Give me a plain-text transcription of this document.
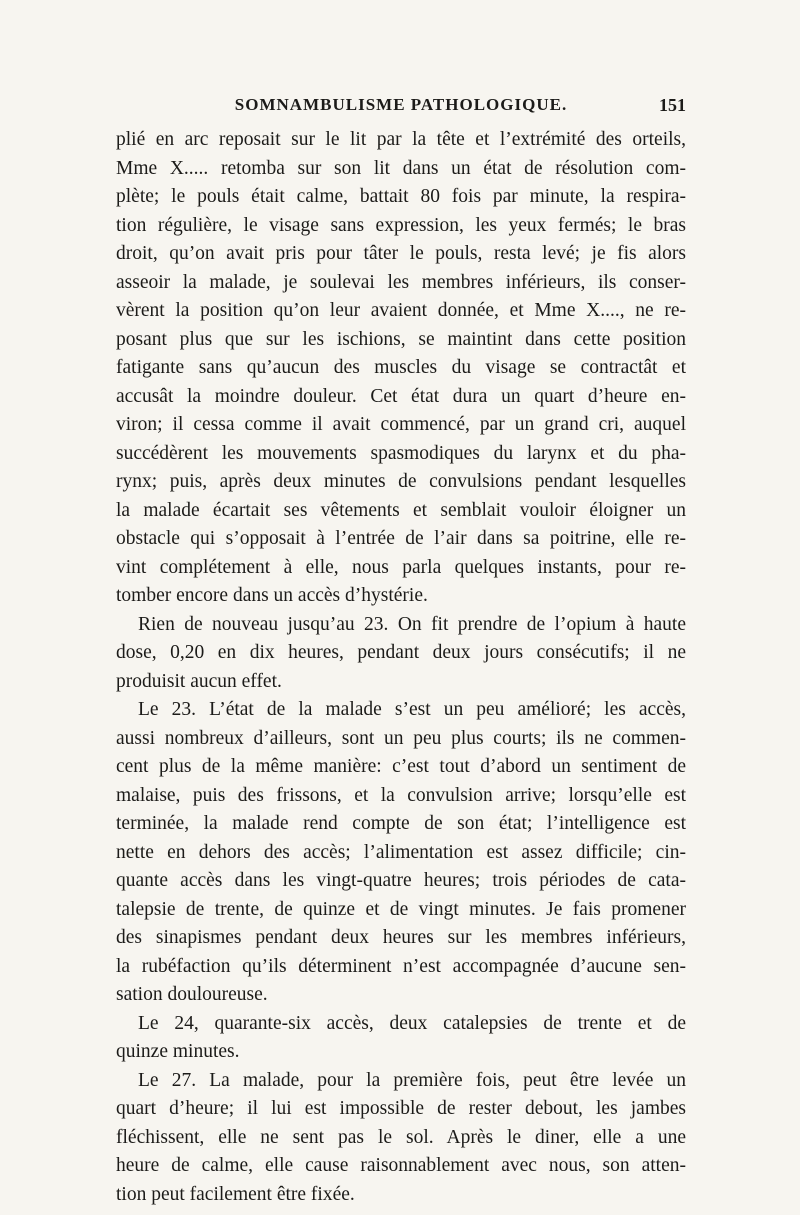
SOMNAMBULISME PATHOLOGIQUE.	151
plié en arc reposait sur le lit par la tête et l’extrémité des orteils,
Mme X..... retomba sur son lit dans un état de résolution com-
plète; le pouls était calme, battait 80 fois par minute, la respira-
tion régulière, le visage sans expression, les yeux fermés; le bras
droit, qu’on avait pris pour tâter le pouls, resta levé; je fis alors
asseoir la malade, je soulevai les membres inférieurs, ils conser-
vèrent la position qu’on leur avaient donnée, et Mme X...., ne re-
posant plus que sur les ischions, se maintint dans cette position
fatigante sans qu’aucun des muscles du visage se contractât et
accusât la moindre douleur. Cet état dura un quart d’heure en-
viron; il cessa comme il avait commencé, par un grand cri, auquel
succédèrent les mouvements spasmodiques du larynx et du pha-
rynx; puis, après deux minutes de convulsions pendant lesquelles
la malade écartait ses vêtements et semblait vouloir éloigner un
obstacle qui s’opposait à l’entrée de l’air dans sa poitrine, elle re-
vint complétement à elle, nous parla quelques instants, pour re-
tomber encore dans un accès d’hystérie.
Rien de nouveau jusqu’au 23. On fit prendre de l’opium à haute
dose, 0,20 en dix heures, pendant deux jours consécutifs; il ne
produisit aucun effet.
Le 23. L’état de la malade s’est un peu amélioré; les accès,
aussi nombreux d’ailleurs, sont un peu plus courts; ils ne commen-
cent plus de la même manière: c’est tout d’abord un sentiment de
malaise, puis des frissons, et la convulsion arrive; lorsqu’elle est
terminée, la malade rend compte de son état; l’intelligence est
nette en dehors des accès; l’alimentation est assez difficile; cin-
quante accès dans les vingt-quatre heures; trois périodes de cata-
talepsie de trente, de quinze et de vingt minutes. Je fais promener
des sinapismes pendant deux heures sur les membres inférieurs,
la rubéfaction qu’ils déterminent n’est accompagnée d’aucune sen-
sation douloureuse.
Le 24, quarante-six accès, deux catalepsies de trente et de
quinze minutes.
Le 27. La malade, pour la première fois, peut être levée un
quart d’heure; il lui est impossible de rester debout, les jambes
fléchissent, elle ne sent pas le sol. Après le diner, elle a une
heure de calme, elle cause raisonnablement avec nous, son atten-
tion peut facilement être fixée.
